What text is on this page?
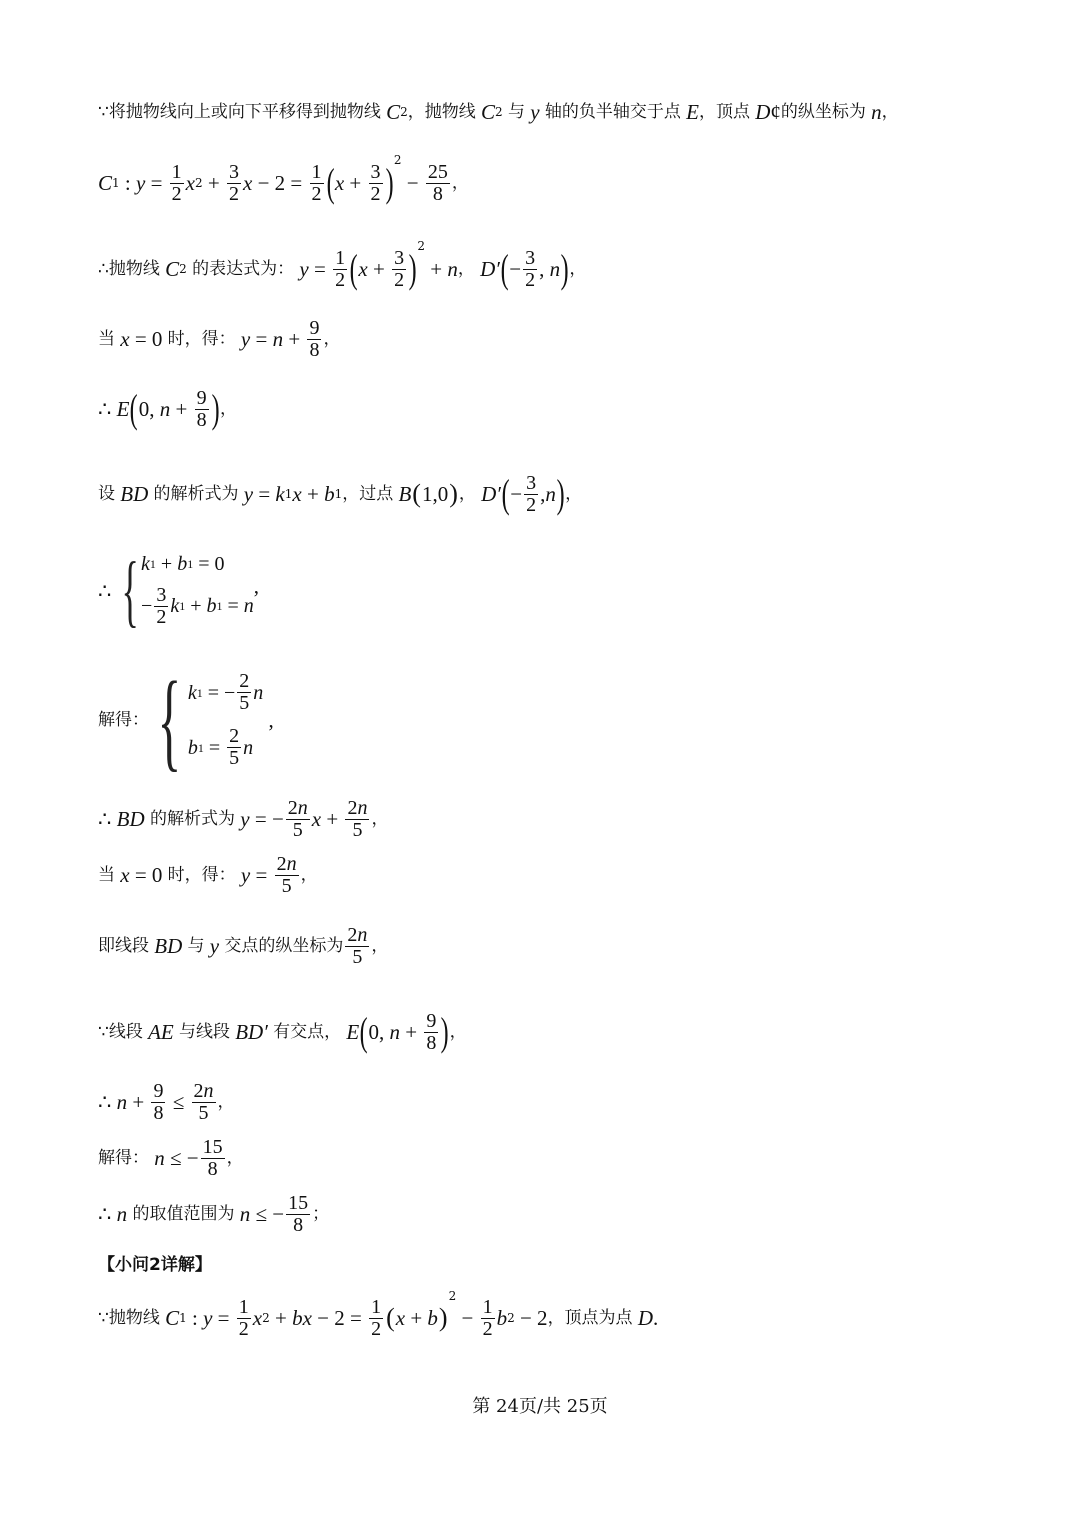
∵将抛物线向上或向下平移得到抛物线 C 2 ，抛物线 C 2 与 y 轴的负半轴交于点 E ，顶点 D ¢ 的纵坐标为 n ，
C 1 : $y = \frac{1}{2}$ x $2 + \frac{3}{2}$ $x - 2 = \frac{1}{2}$ ( $x + \frac{3}{2} )^2$
− $\frac{25}{8}$ ，
∴抛物线 C 2 的表达式为： $y = \frac{1}{2}$ ( $x + \frac{3}{2} )^2$
+ n ， D′ ( − $\frac{3}{2}$ , n ) ，
当 x = 0 时，得： $y = n + \frac{9}{8}$ ，
∴ E ( 0, $n + \frac{9}{8}$ ) ，
设 BD 的解析式为 y = k 1 x + b 1 ，过点 B ( 1,0 ) ， D′ ( − $\frac{3}{2}$ , n ) ，
∴ { k 1 + b 1 = 0
−
3
2 k 1 + b 1 = n
,
解得： { k 1 = −
2
5 n
b 1 =
2
5 n
,
∴ BD 的解析式为 y = − $\frac{2n}{5}$ $x + \frac{2n}{5}$ ，
当 x = 0 时，得： $y = \frac{2n}{5}$ ，
即线段 BD 与 y 交点的纵坐标为 2n
5 ，
∵线段 AE 与线段 BD′ 有交点， E ( 0, $n + \frac{9}{8}$ ) ，
∴ $n + \frac{9}{8} \le \frac{2n}{5}$ ，
解得： n ≤ − $\frac{15}{8}$ ，
∴ n 的取值范围为 n ≤ − $\frac{15}{8}$ ；
【小问2详解】
∵抛物线 C 1 : $y = \frac{1}{2}$ x 2 + bx − $2 = \frac{1}{2}$ ( x + b )
2
− $\frac{1}{2}$ b 2 − 2 ，顶点为点 D .
第 24页/共 25页
